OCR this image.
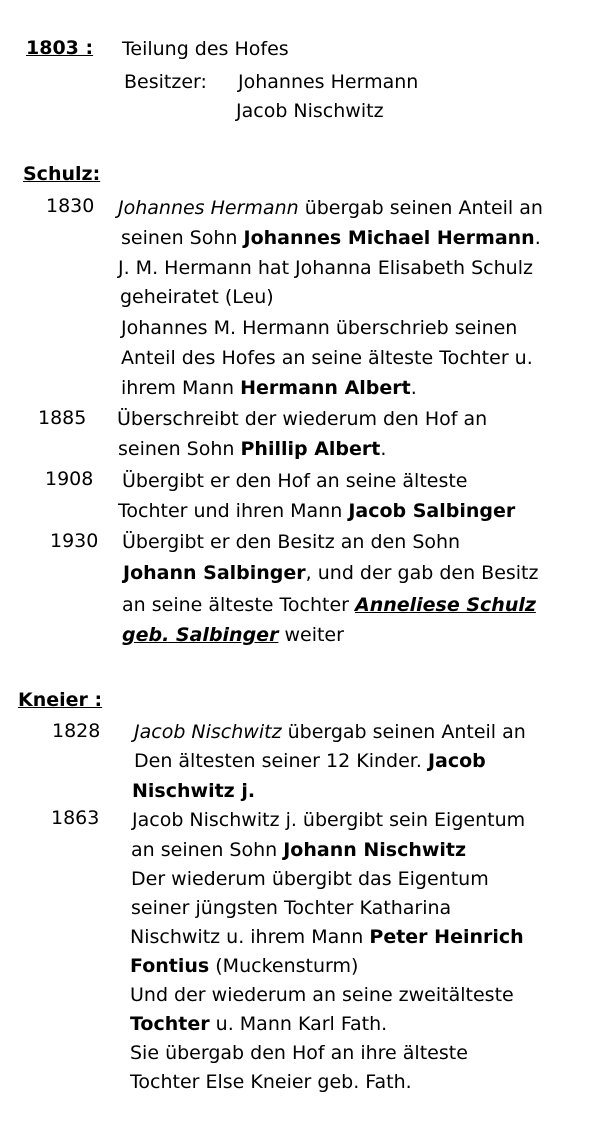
1803 : Teilung des Hofes
Besitzer: Johannes Hermann
Jacob Nischwitz
Schulz:
1830 Johannes Hermann übergab seinen Anteil an
seinen Sohn Johannes Michael Hermann.
J. M. Hermann hat Johanna Elisabeth Schulz
geheiratet (Leu)
Johannes M. Hermann überschrieb seinen
Anteil des Hofes an seine älteste Tochter u.
ihrem Mann Hermann Albert.
1885 Überschreibt der wiederum den Hof an
seinen Sohn Phillip Albert.
1908 Übergibt er den Hof an seine älteste
Tochter und ihren Mann Jacob Salbinger
1930 Übergibt er den Besitz an den Sohn
Johann Salbinger, und der gab den Besitz
an seine älteste Tochter Anneliese Schulz
geb. Salbinger weiter
Kneier :
1828 Jacob Nischwitz übergab seinen Anteil an
Den ältesten seiner 12 Kinder. Jacob
Nischwitz j.
1863 Jacob Nischwitz j. übergibt sein Eigentum
an seinen Sohn Johann Nischwitz
Der wiederum übergibt das Eigentum
seiner jüngsten Tochter Katharina
Nischwitz u. ihrem Mann Peter Heinrich
Fontius (Muckensturm)
Und der wiederum an seine zweitälteste
Tochter u. Mann Karl Fath.
Sie übergab den Hof an ihre älteste
Tochter Else Kneier geb. Fath.
